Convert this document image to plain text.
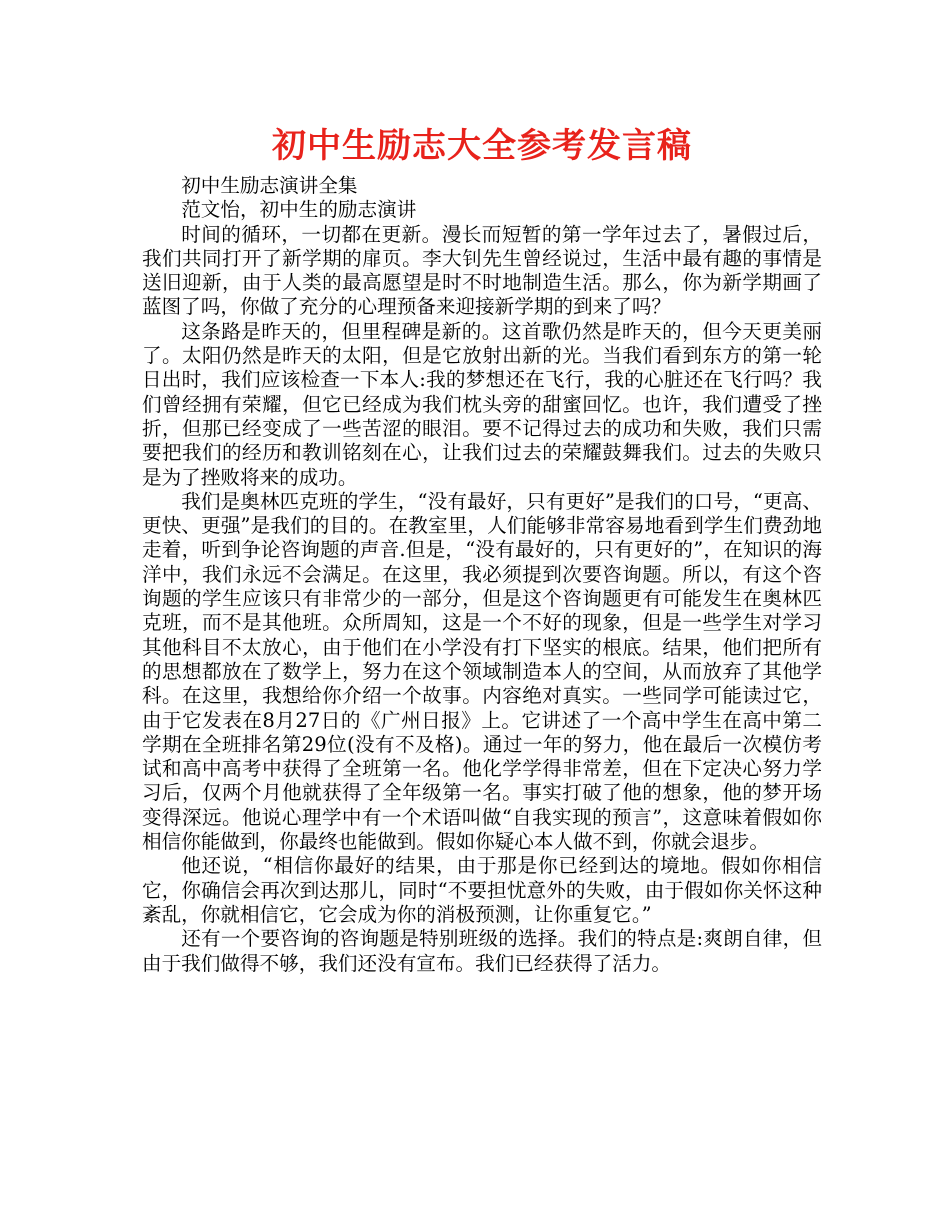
初中生励志大全参考发言稿

初中生励志演讲全集

范文怡，初中生的励志演讲

时间的循环，一切都在更新。漫长而短暂的第一学年过去了，暑假过后，我们共同打开了新学期的扉页。李大钊先生曾经说过，生活中最有趣的事情是送旧迎新，由于人类的最高愿望是时不时地制造生活。那么，你为新学期画了蓝图了吗，你做了充分的心理预备来迎接新学期的到来了吗？

这条路是昨天的，但里程碑是新的。这首歌仍然是昨天的，但今天更美丽了。太阳仍然是昨天的太阳，但是它放射出新的光。当我们看到东方的第一轮日出时，我们应该检查一下本人:我的梦想还在飞行，我的心脏还在飞行吗？我们曾经拥有荣耀，但它已经成为我们枕头旁的甜蜜回忆。也许，我们遭受了挫折，但那已经变成了一些苦涩的眼泪。要不记得过去的成功和失败，我们只需要把我们的经历和教训铭刻在心，让我们过去的荣耀鼓舞我们。过去的失败只是为了挫败将来的成功。

我们是奥林匹克班的学生，“没有最好，只有更好”是我们的口号，“更高、更快、更强”是我们的目的。在教室里，人们能够非常容易地看到学生们费劲地走着，听到争论咨询题的声音.但是，“没有最好的，只有更好的”，在知识的海洋中，我们永远不会满足。在这里，我必须提到次要咨询题。所以，有这个咨询题的学生应该只有非常少的一部分，但是这个咨询题更有可能发生在奥林匹克班，而不是其他班。众所周知，这是一个不好的现象，但是一些学生对学习其他科目不太放心，由于他们在小学没有打下坚实的根底。结果，他们把所有的思想都放在了数学上，努力在这个领域制造本人的空间，从而放弃了其他学科。在这里，我想给你介绍一个故事。内容绝对真实。一些同学可能读过它，由于它发表在8月27日的《广州日报》上。它讲述了一个高中学生在高中第二学期在全班排名第29位(没有不及格)。通过一年的努力，他在最后一次模仿考试和高中高考中获得了全班第一名。他化学学得非常差，但在下定决心努力学习后，仅两个月他就获得了全年级第一名。事实打破了他的想象，他的梦开场变得深远。他说心理学中有一个术语叫做“自我实现的预言”，这意味着假如你相信你能做到，你最终也能做到。假如你疑心本人做不到，你就会退步。

他还说，“相信你最好的结果，由于那是你已经到达的境地。假如你相信它，你确信会再次到达那儿，同时“不要担忧意外的失败，由于假如你关怀这种紊乱，你就相信它，它会成为你的消极预测，让你重复它。”

还有一个要咨询的咨询题是特别班级的选择。我们的特点是:爽朗自律，但由于我们做得不够，我们还没有宣布。我们已经获得了活力。
